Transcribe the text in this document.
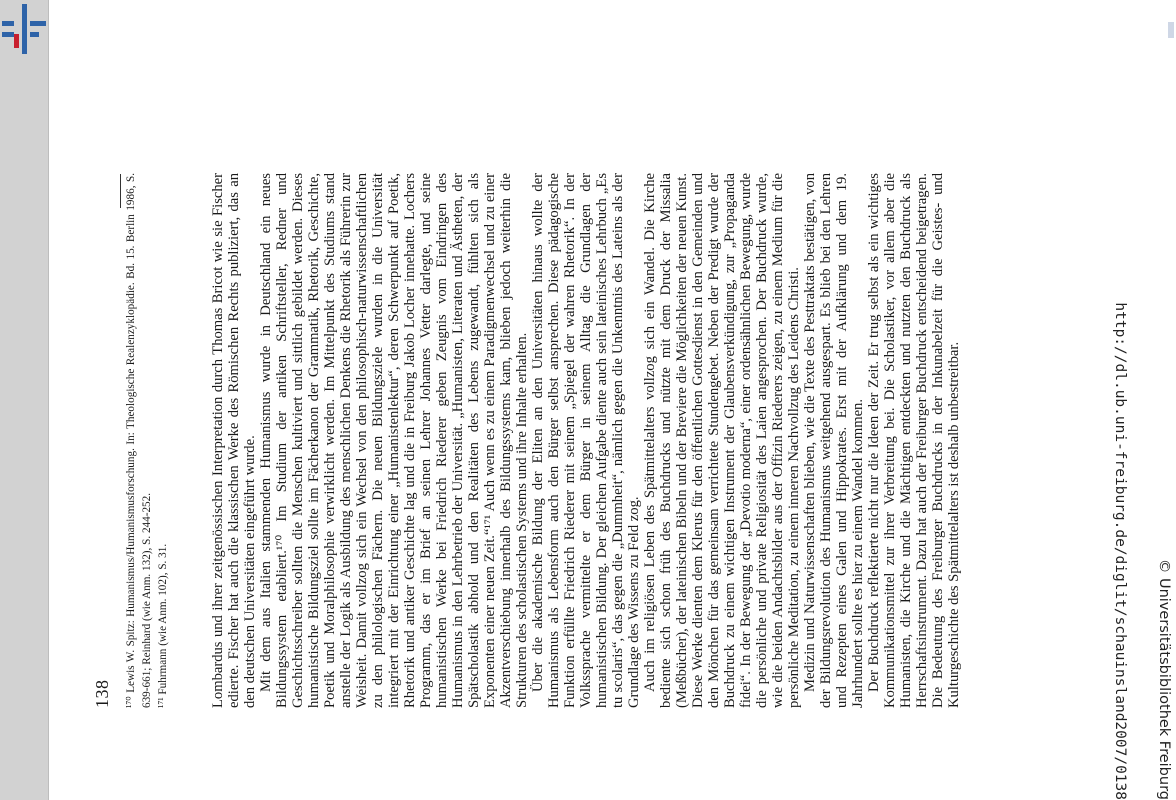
138 ¹⁷⁰ Lewis W. Spitz: Humanismus/Humanismusforschung. In: Theologische Realenzyklopädie. Bd. 15. Berlin 1986, S. 639-661; Reinhard (wie Anm. 132), S. 244-252. ¹⁷¹ Fuhrmann (wie Anm. 102), S. 31.	Lombardus und ihrer zeitgenössischen Interpretation durch Thomas Bricot wie sie Fischer edierte. Fischer hat auch die klassischen Werke des Römischen Rechts publiziert, das an den deutschen Universitäten eingeführt wurde. Mit dem aus Italien stammenden Humanismus wurde in Deutschland ein neues Bildungssystem etabliert.¹⁷⁰ Im Studium der antiken Schriftsteller, Redner und Geschichtsschreiber sollten die Menschen kultiviert und sittlich gebildet werden. Dieses humanistische Bildungsziel sollte im Fächerkanon der Grammatik, Rhetorik, Geschichte, Poetik und Moralphilosophie verwirklicht werden. Im Mittelpunkt des Studiums stand anstelle der Logik als Ausbildung des menschlichen Denkens die Rhetorik als Führerin zur Weisheit. Damit vollzog sich ein Wechsel von den philosophisch-naturwissenschaftlichen zu den philologischen Fächern. Die neuen Bildungsziele wurden in die Universität integriert mit der Einrichtung einer „Humanistenlektur“, deren Schwerpunkt auf Poetik, Rhetorik und antiker Geschichte lag und die in Freiburg Jakob Locher innehatte. Lochers Programm, das er im Brief an seinen Lehrer Johannes Vetter darlegte, und seine humanistischen Werke bei Friedrich Riederer geben Zeugnis vom Eindringen des Humanismus in den Lehrbetrieb der Universität. „Humanisten, Literaten und Ästheten, der Spätscholastik abhold und den Realitäten des Lebens zugewandt, fühlten sich als Exponenten einer neuen Zeit.“¹⁷¹ Auch wenn es zu einem Paradigmenwechsel und zu einer Akzentverschiebung innerhalb des Bildungssystems kam, blieben jedoch weiterhin die Strukturen des scholastischen Systems und ihre Inhalte erhalten. Über die akademische Bildung der Eliten an den Universitäten hinaus wollte der Humanismus als Lebensform auch den Bürger selbst ansprechen. Diese pädagogische Funktion erfüllte Friedrich Riederer mit seinem „Spiegel der wahren Rhetorik“. In der Volkssprache vermittelte er dem Bürger in seinem Alltag die Grundlagen der humanistischen Bildung. Der gleichen Aufgabe diente auch sein lateinisches Lehrbuch „Es tu scolaris“, das gegen die „Dummheit“, nämlich gegen die Unkenntnis des Lateins als der Grundlage des Wissens zu Feld zog. Auch im religiösen Leben des Spätmittelalters vollzog sich ein Wandel. Die Kirche bediente sich schon früh des Buchdrucks und nützte mit dem Druck der Missalia (Meßbücher), der lateinischen Bibeln und der Breviere die Möglichkeiten der neuen Kunst. Diese Werke dienten dem Klerus für den öffentlichen Gottesdienst in den Gemeinden und den Mönchen für das gemeinsam verrichtete Stundengebet. Neben der Predigt wurde der Buchdruck zu einem wichtigen Instrument der Glaubensverkündigung, zur „Propaganda fidei“. In der Bewegung der „Devotio moderna“, einer ordensähnlichen Bewegung, wurde die persönliche und private Religiosität des Laien angesprochen. Der Buchdruck wurde, wie die beiden Andachtsbilder aus der Offizin Riederers zeigen, zu einem Medium für die persönliche Meditation, zu einem inneren Nachvollzug des Leidens Christi. Medizin und Naturwissenschaften blieben, wie die Texte des Pesttraktats bestätigen, von der Bildungsrevolution des Humanismus weitgehend ausgespart. Es blieb bei den Lehren und Rezepten eines Galen und Hippokrates. Erst mit der Aufklärung und dem 19. Jahrhundert sollte es hier zu einem Wandel kommen. Der Buchdruck reflektierte nicht nur die Ideen der Zeit. Er trug selbst als ein wichtiges Kommunikationsmittel zur ihrer Verbreitung bei. Die Scholastiker, vor allem aber die Humanisten, die Kirche und die Mächtigen entdeckten und nutzten den Buchdruck als Herrschaftsinstrument. Dazu hat auch der Freiburger Buchdruck entscheidend beigetragen. Die Bedeutung des Freiburger Buchdrucks in der Inkunabelzeit für die Geistes- und Kulturgeschichte des Spätmittelalters ist deshalb unbestreitbar.	http://dl.ub.uni-freiburg.de/diglit/schauinsland2007/0138 © Universitätsbibliothek Freiburg
